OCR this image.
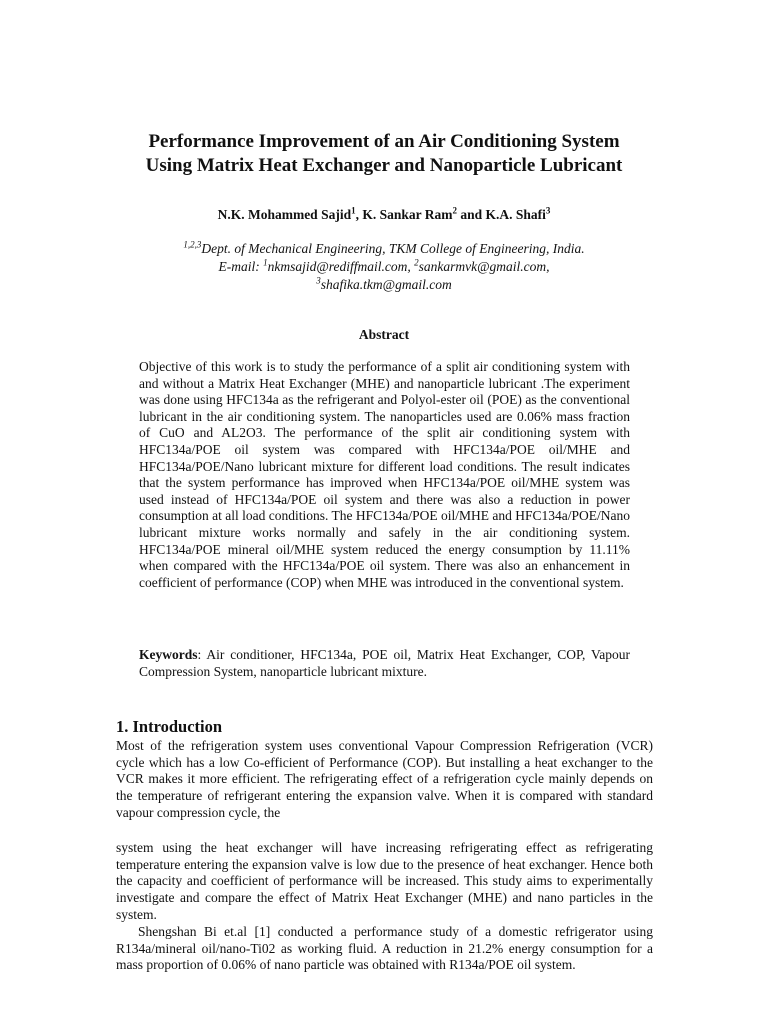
Performance Improvement of an Air Conditioning System
Using Matrix Heat Exchanger and Nanoparticle Lubricant
N.K. Mohammed Sajid$^1$, K. Sankar Ram$^2$ and K.A. Shafi$^3$
$^{1,2,3}$Dept. of Mechanical Engineering, TKM College of Engineering, India.
E-mail: $^1$nkmsajid@rediffmail.com, $^2$sankarmvk@gmail.com,
$^3$shafika.tkm@gmail.com
Abstract

Objective of this work is to study the performance of a split air conditioning system with and without a Matrix Heat Exchanger (MHE) and nanoparticle lubricant .The experiment was done using HFC134a as the refrigerant and Polyol-ester oil (POE) as the conventional lubricant in the air conditioning system. The nanoparticles used are 0.06% mass fraction of CuO and AL2O3. The performance of the split air conditioning system with HFC134a/POE oil system was compared with HFC134a/POE oil/MHE and HFC134a/POE/Nano lubricant mixture for different load conditions. The result indicates that the system performance has improved when HFC134a/POE oil/MHE system was used instead of HFC134a/POE oil system and there was also a reduction in power consumption at all load conditions. The HFC134a/POE oil/MHE and HFC134a/POE/Nano lubricant mixture works normally and safely in the air conditioning system. HFC134a/POE mineral oil/MHE system reduced the energy consumption by 11.11% when compared with the HFC134a/POE oil system. There was also an enhancement in coefficient of performance (COP) when MHE was introduced in the conventional system.

Keywords: Air conditioner, HFC134a, POE oil, Matrix Heat Exchanger, COP, Vapour Compression System, nanoparticle lubricant mixture.

1. Introduction

Most of the refrigeration system uses conventional Vapour Compression Refrigeration (VCR) cycle which has a low Co-efficient of Performance (COP). But installing a heat exchanger to the VCR makes it more efficient. The refrigerating effect of a refrigeration cycle mainly depends on the temperature of refrigerant entering the expansion valve. When it is compared with standard vapour compression cycle, the

system using the heat exchanger will have increasing refrigerating effect as refrigerating temperature entering the expansion valve is low due to the presence of heat exchanger. Hence both the capacity and coefficient of performance will be increased. This study aims to experimentally investigate and compare the effect of Matrix Heat Exchanger (MHE) and nano particles in the system.

Shengshan Bi et.al [1] conducted a performance study of a domestic refrigerator using R134a/mineral oil/nano-Ti02 as working fluid. A reduction in 21.2% energy consumption for a mass proportion of 0.06% of nano particle was obtained with R134a/POE oil system.
